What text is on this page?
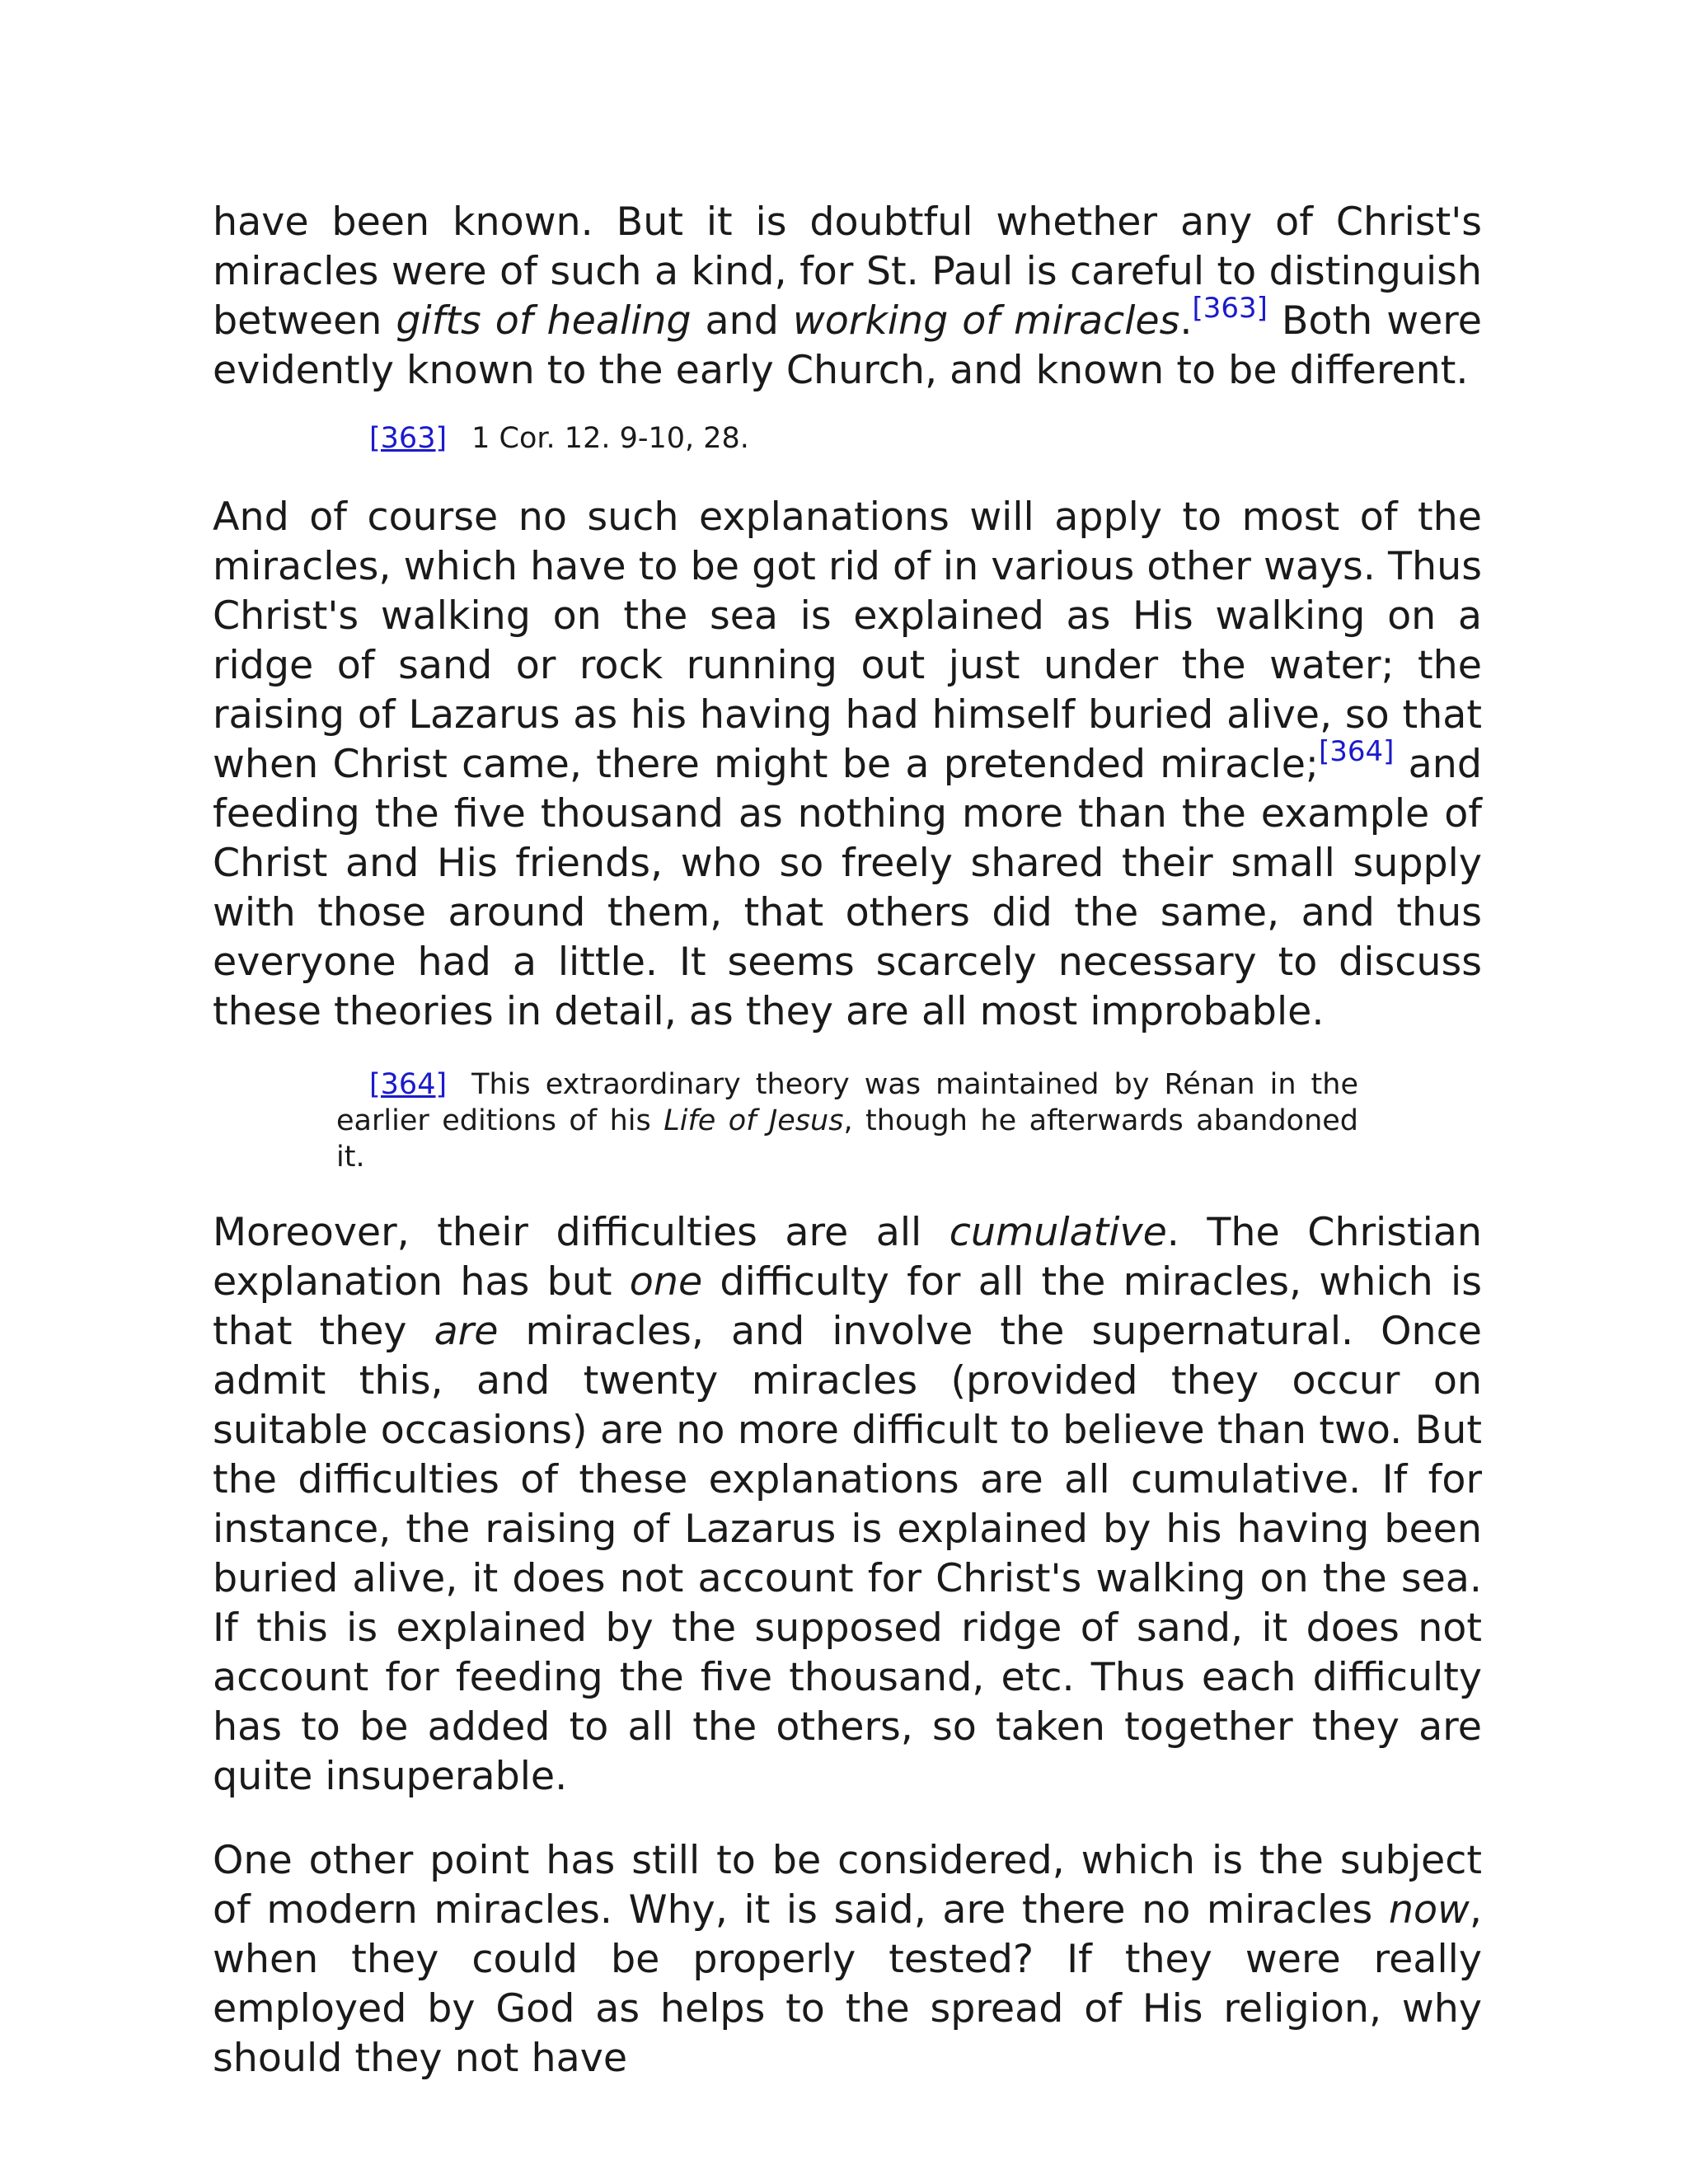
have been known. But it is doubtful whether any of Christ's miracles were of such a kind, for St. Paul is careful to distinguish between gifts of healing and working of miracles.[363] Both were evidently known to the early Church, and known to be different.

[363] 1 Cor. 12. 9-10, 28.

And of course no such explanations will apply to most of the miracles, which have to be got rid of in various other ways. Thus Christ's walking on the sea is explained as His walking on a ridge of sand or rock running out just under the water; the raising of Lazarus as his having had himself buried alive, so that when Christ came, there might be a pretended miracle;[364] and feeding the five thousand as nothing more than the example of Christ and His friends, who so freely shared their small supply with those around them, that others did the same, and thus everyone had a little. It seems scarcely necessary to discuss these theories in detail, as they are all most improbable.

[364] This extraordinary theory was maintained by Rénan in the earlier editions of his Life of Jesus, though he afterwards abandoned it.

Moreover, their difficulties are all cumulative. The Christian explanation has but one difficulty for all the miracles, which is that they are miracles, and involve the supernatural. Once admit this, and twenty miracles (provided they occur on suitable occasions) are no more difficult to believe than two. But the difficulties of these explanations are all cumulative. If for instance, the raising of Lazarus is explained by his having been buried alive, it does not account for Christ's walking on the sea. If this is explained by the supposed ridge of sand, it does not account for feeding the five thousand, etc. Thus each difficulty has to be added to all the others, so taken together they are quite insuperable.

One other point has still to be considered, which is the subject of modern miracles. Why, it is said, are there no miracles now, when they could be properly tested? If they were really employed by God as helps to the spread of His religion, why should they not have
